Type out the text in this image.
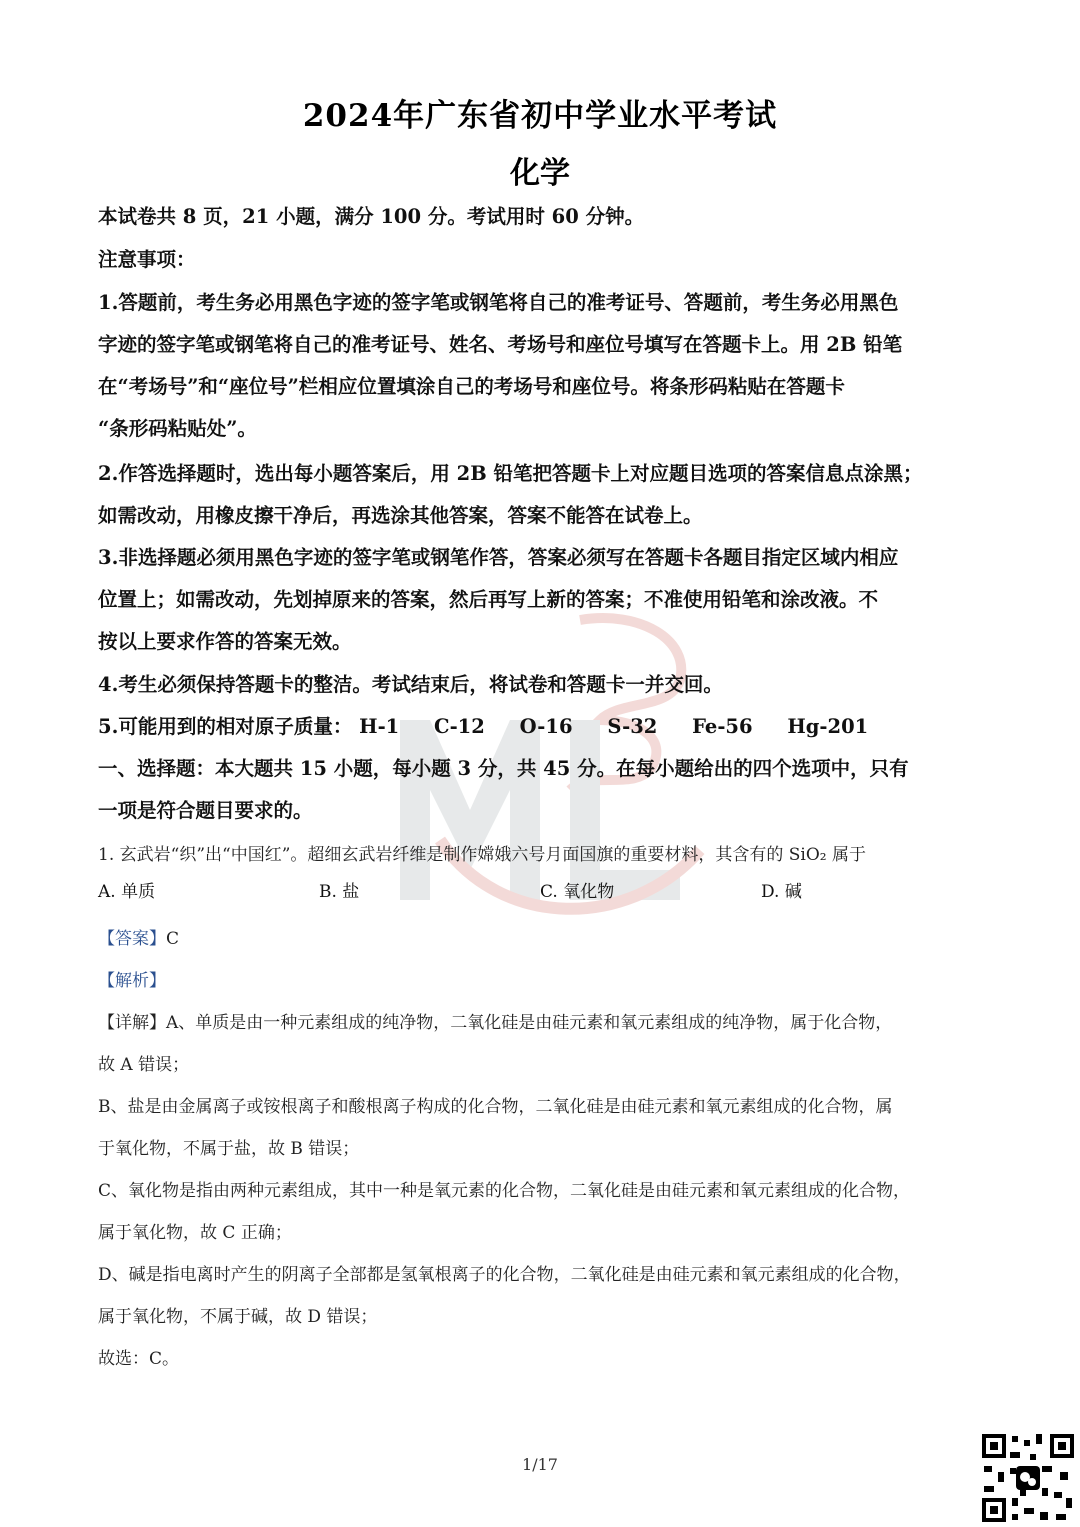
2024年广东省初中学业水平考试
化学
本试卷共 8 页，21 小题，满分 100 分。考试用时 60 分钟。
注意事项：
1.答题前，考生务必用黑色字迹的签字笔或钢笔将自己的准考证号、答题前，考生务必用黑色
字迹的签字笔或钢笔将自己的准考证号、姓名、考场号和座位号填写在答题卡上。用 2B 铅笔
在“考场号”和“座位号”栏相应位置填涂自己的考场号和座位号。将条形码粘贴在答题卡
“条形码粘贴处”。
2.作答选择题时，选出每小题答案后，用 2B 铅笔把答题卡上对应题目选项的答案信息点涂黑；
如需改动，用橡皮擦干净后，再选涂其他答案，答案不能答在试卷上。
3.非选择题必须用黑色字迹的签字笔或钢笔作答，答案必须写在答题卡各题目指定区域内相应
位置上；如需改动，先划掉原来的答案，然后再写上新的答案；不准使用铅笔和涂改液。不
按以上要求作答的答案无效。
4.考生必须保持答题卡的整洁。考试结束后，将试卷和答题卡一并交回。
5.可能用到的相对原子质量： H-1 C-12 O-16 S-32 Fe-56 Hg-201
一、选择题：本大题共 15 小题，每小题 3 分，共 45 分。在每小题给出的四个选项中，只有
一项是符合题目要求的。
1. 玄武岩“织”出“中国红”。超细玄武岩纤维是制作嫦娥六号月面国旗的重要材料，其含有的 SiO₂ 属于
A. 单质	B. 盐	C. 氧化物	D. 碱
【答案】C
【解析】
【详解】A、单质是由一种元素组成的纯净物，二氧化硅是由硅元素和氧元素组成的纯净物，属于化合物，
故 A 错误；
B、盐是由金属离子或铵根离子和酸根离子构成的化合物，二氧化硅是由硅元素和氧元素组成的化合物，属
于氧化物，不属于盐，故 B 错误；
C、氧化物是指由两种元素组成，其中一种是氧元素的化合物，二氧化硅是由硅元素和氧元素组成的化合物，
属于氧化物，故 C 正确；
D、碱是指电离时产生的阴离子全部都是氢氧根离子的化合物，二氧化硅是由硅元素和氧元素组成的化合物，
属于氧化物，不属于碱，故 D 错误；
故选：C。
1/17
